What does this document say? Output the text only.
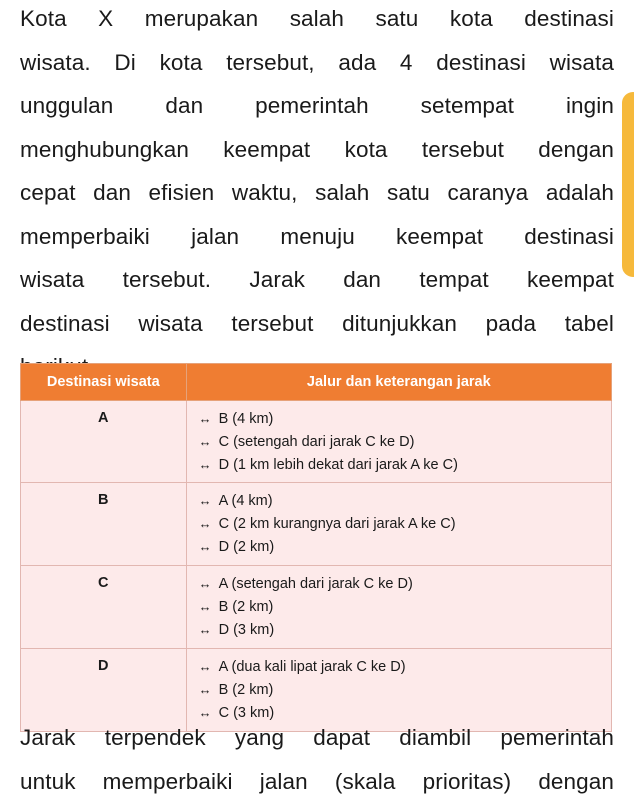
Kota X merupakan salah satu kota destinasi
wisata. Di kota tersebut, ada 4 destinasi wisata
unggulan dan pemerintah setempat ingin
menghubungkan keempat kota tersebut dengan
cepat dan efisien waktu, salah satu caranya adalah
memperbaiki jalan menuju keempat destinasi
wisata tersebut. Jarak dan tempat keempat
destinasi wisata tersebut ditunjukkan pada tabel
Destinasi wisata	Jalur dan keterangan jarak
A	↔ B (4 km)
↔ C (setengah dari jarak C ke D)
↔ D (1 km lebih dekat dari jarak A ke C)

B	↔ A (4 km)
↔ C (2 km kurangnya dari jarak A ke C)
↔ D (2 km)

C	↔ A (setengah dari jarak C ke D)
↔ B (2 km)
↔ D (3 km)

D	↔ A (dua kali lipat jarak C ke D)
↔ B (2 km)
↔ C (3 km)
Jarak terpendek yang dapat diambil pemerintah
untuk memperbaiki jalan (skala prioritas) dengan
